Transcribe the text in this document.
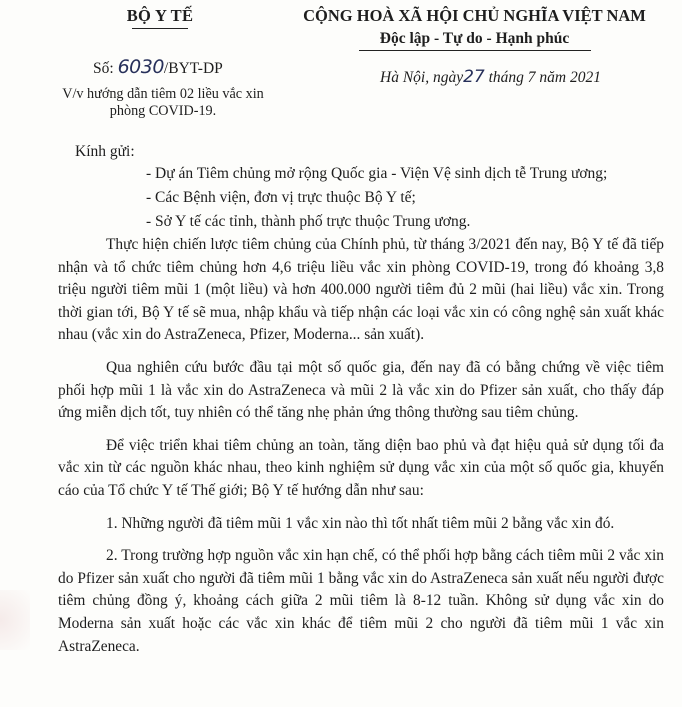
BỘ Y TẾ
Số: 6030/BYT-DP
V/v hướng dẫn tiêm 02 liều vắc xin
phòng COVID-19.
CỘNG HOÀ XÃ HỘI CHỦ NGHĨA VIỆT NAM
Độc lập - Tự do - Hạnh phúc
Hà Nội, ngày27 tháng 7 năm 2021
Kính gửi:
- Dự án Tiêm chủng mở rộng Quốc gia - Viện Vệ sinh dịch tễ Trung ương;
- Các Bệnh viện, đơn vị trực thuộc Bộ Y tế;
- Sở Y tế các tỉnh, thành phố trực thuộc Trung ương.

Thực hiện chiến lược tiêm chủng của Chính phủ, từ tháng 3/2021 đến nay, Bộ Y tế đã tiếp nhận và tổ chức tiêm chủng hơn 4,6 triệu liều vắc xin phòng COVID-19, trong đó khoảng 3,8 triệu người tiêm mũi 1 (một liều) và hơn 400.000 người tiêm đủ 2 mũi (hai liều) vắc xin. Trong thời gian tới, Bộ Y tế sẽ mua, nhập khẩu và tiếp nhận các loại vắc xin có công nghệ sản xuất khác nhau (vắc xin do AstraZeneca, Pfizer, Moderna... sản xuất).

Qua nghiên cứu bước đầu tại một số quốc gia, đến nay đã có bằng chứng về việc tiêm phối hợp mũi 1 là vắc xin do AstraZeneca và mũi 2 là vắc xin do Pfizer sản xuất, cho thấy đáp ứng miễn dịch tốt, tuy nhiên có thể tăng nhẹ phản ứng thông thường sau tiêm chủng.

Để việc triển khai tiêm chủng an toàn, tăng diện bao phủ và đạt hiệu quả sử dụng tối đa vắc xin từ các nguồn khác nhau, theo kinh nghiệm sử dụng vắc xin của một số quốc gia, khuyến cáo của Tổ chức Y tế Thế giới; Bộ Y tế hướng dẫn như sau:

1. Những người đã tiêm mũi 1 vắc xin nào thì tốt nhất tiêm mũi 2 bằng vắc xin đó.

2. Trong trường hợp nguồn vắc xin hạn chế, có thể phối hợp bằng cách tiêm mũi 2 vắc xin do Pfizer sản xuất cho người đã tiêm mũi 1 bằng vắc xin do AstraZeneca sản xuất nếu người được tiêm chủng đồng ý, khoảng cách giữa 2 mũi tiêm là 8-12 tuần. Không sử dụng vắc xin do Moderna sản xuất hoặc các vắc xin khác để tiêm mũi 2 cho người đã tiêm mũi 1 vắc xin AstraZeneca.
